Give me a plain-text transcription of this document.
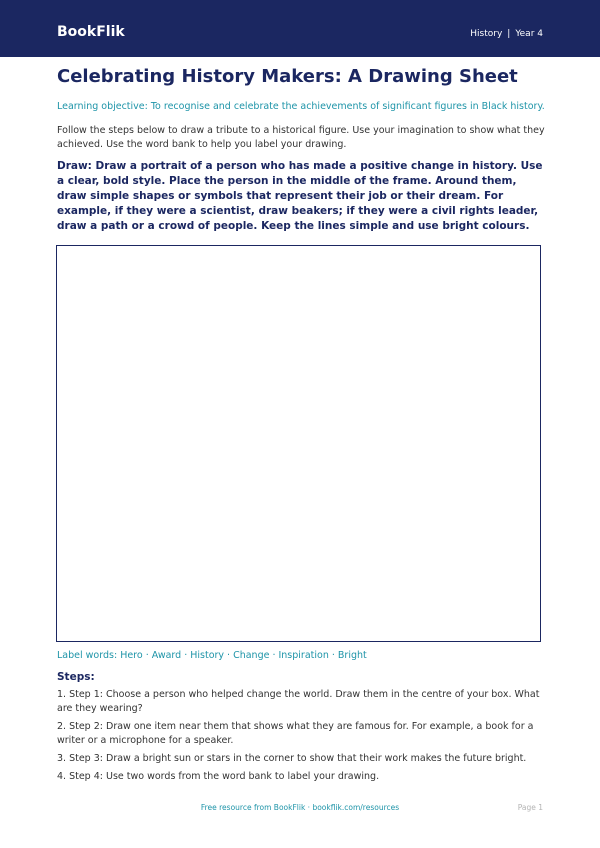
BookFlik	History | Year 4
Celebrating History Makers: A Drawing Sheet
Learning objective: To recognise and celebrate the achievements of significant figures in Black history.
Follow the steps below to draw a tribute to a historical figure. Use your imagination to show what they achieved. Use the word bank to help you label your drawing.
Draw: Draw a portrait of a person who has made a positive change in history. Use a clear, bold style. Place the person in the middle of the frame. Around them, draw simple shapes or symbols that represent their job or their dream. For example, if they were a scientist, draw beakers; if they were a civil rights leader, draw a path or a crowd of people. Keep the lines simple and use bright colours.
Label words: Hero · Award · History · Change · Inspiration · Bright
Steps:
1. Step 1: Choose a person who helped change the world. Draw them in the centre of your box. What are they wearing?
2. Step 2: Draw one item near them that shows what they are famous for. For example, a book for a writer or a microphone for a speaker.
3. Step 3: Draw a bright sun or stars in the corner to show that their work makes the future bright.
4. Step 4: Use two words from the word bank to label your drawing.
Free resource from BookFlik · bookflik.com/resources	Page 1
